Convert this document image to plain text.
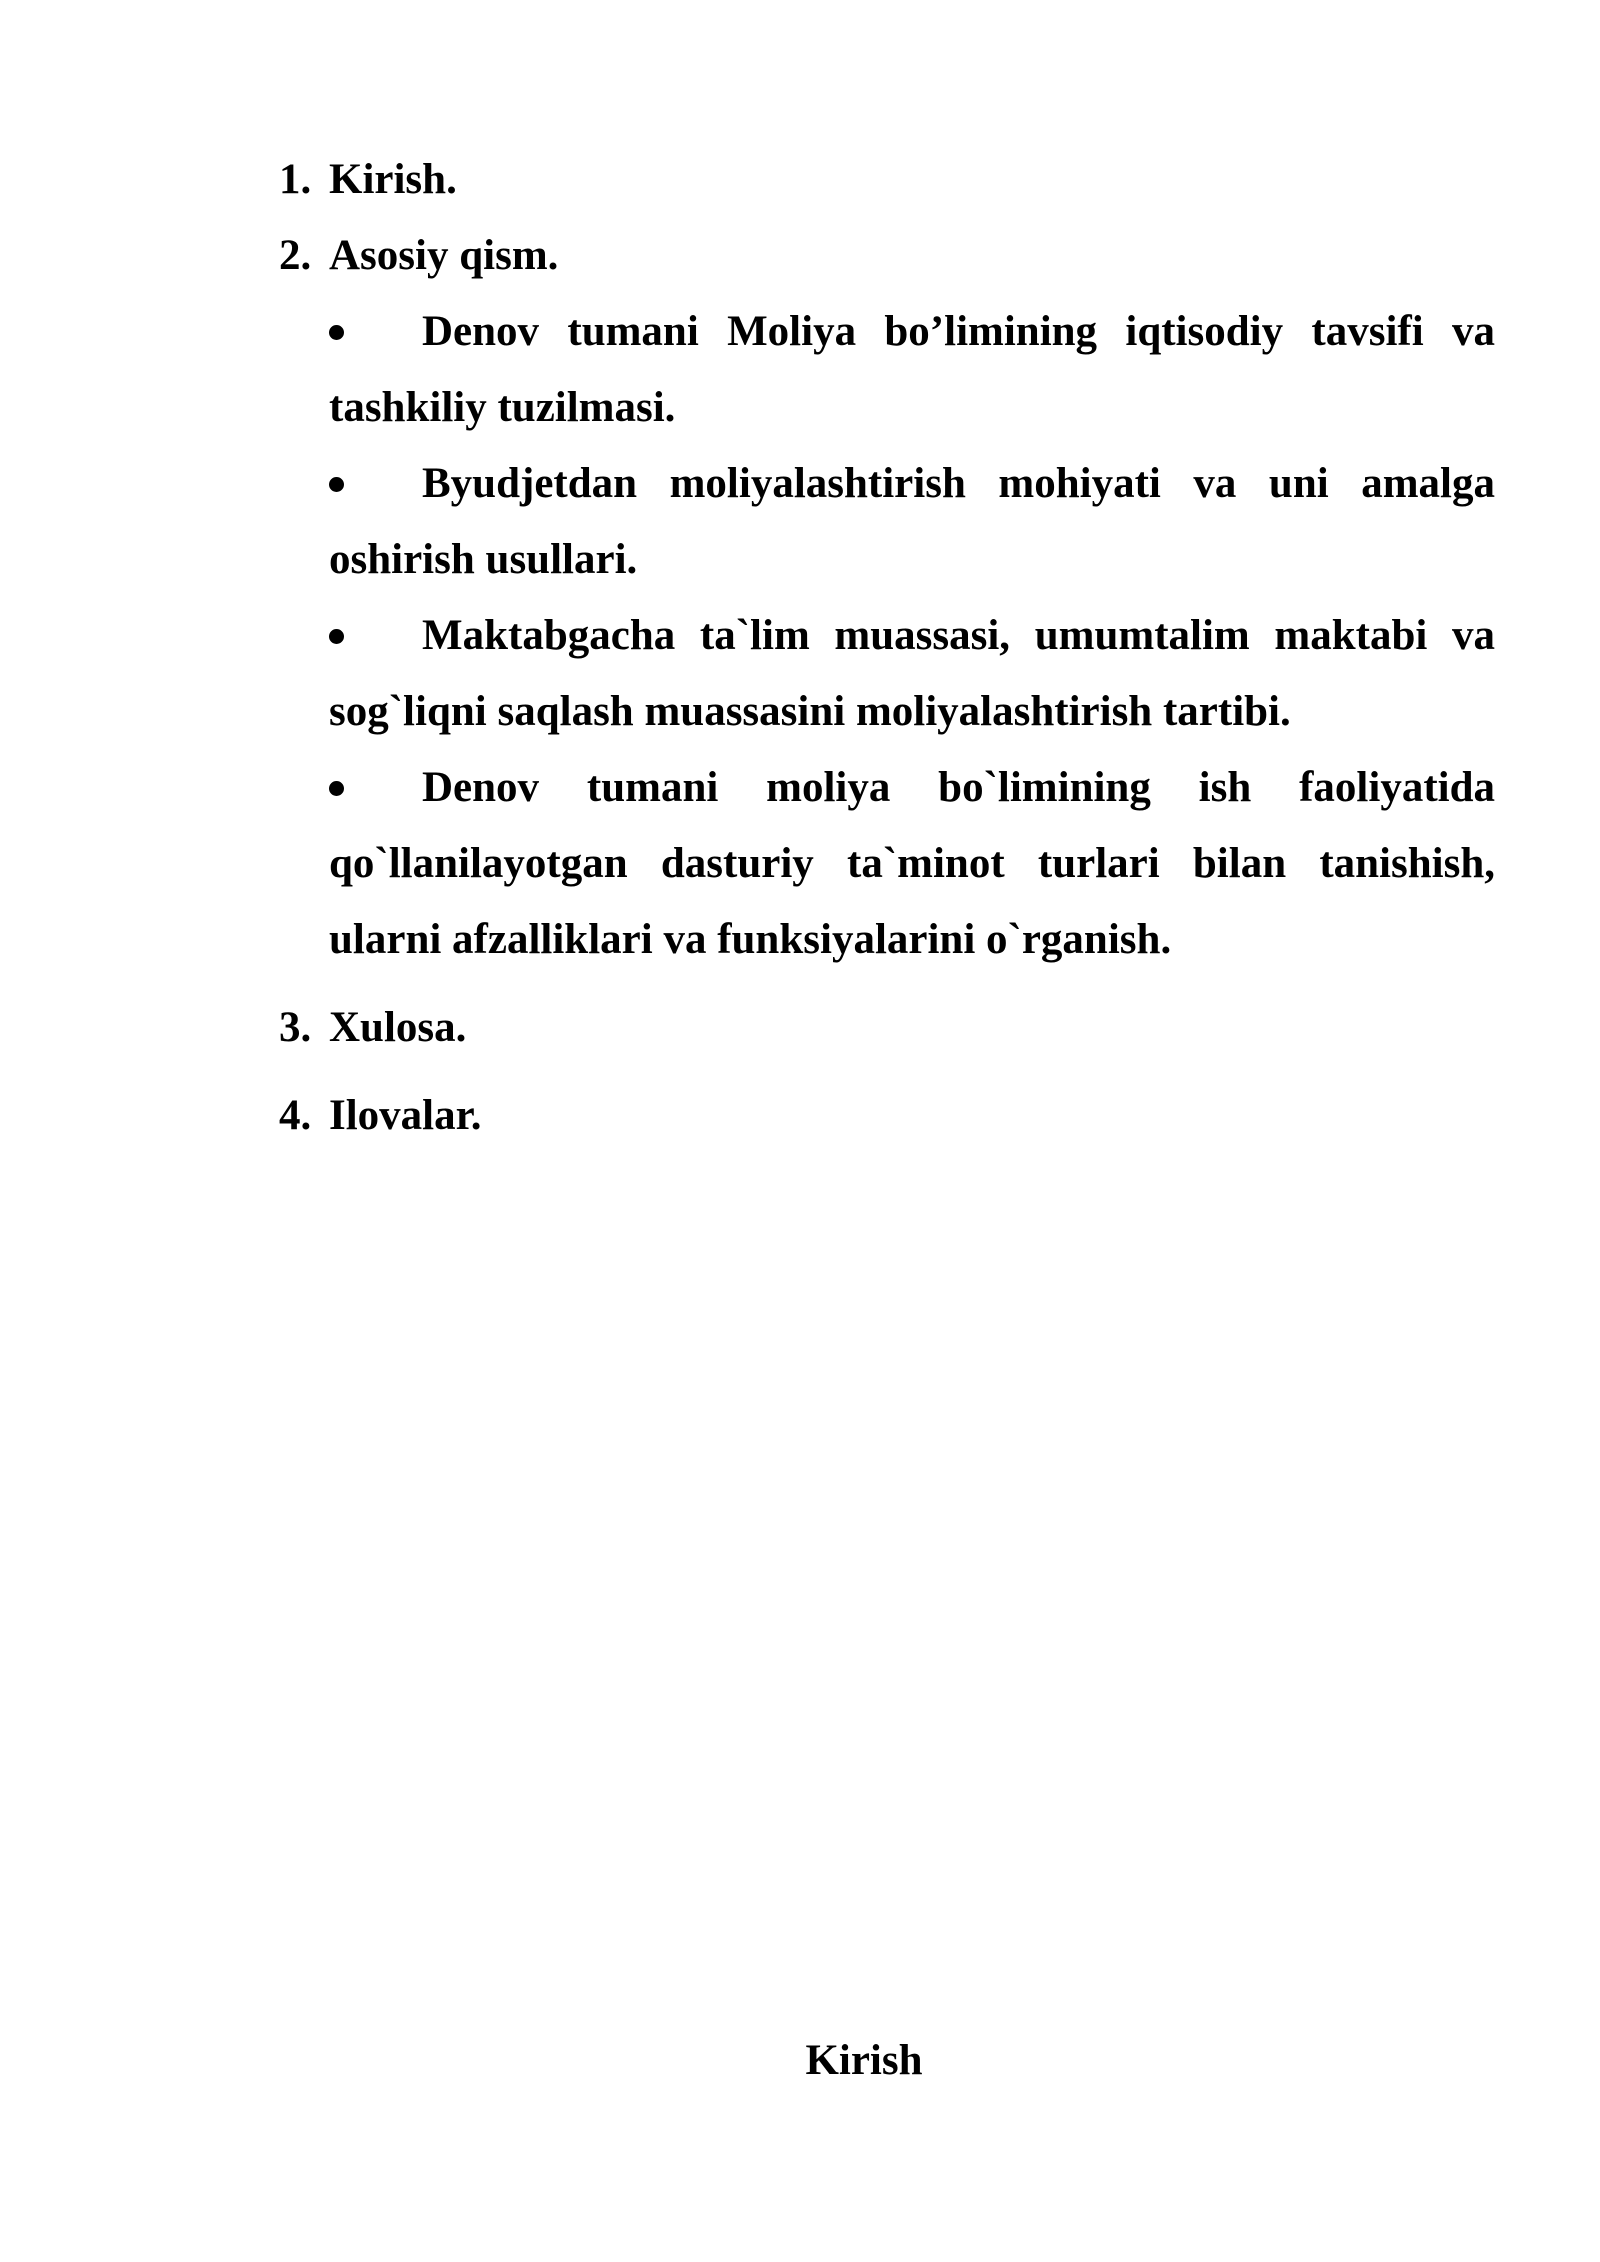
1. Kirish.
2. Asosiy qism.

Denov tumani Moliya bo’limining iqtisodiy tavsifi va tashkiliy tuzilmasi.

Byudjetdan moliyalashtirish mohiyati va uni amalga oshirish usullari.

Maktabgacha ta`lim muassasi, umumtalim maktabi va sog`liqni saqlash muassasini moliyalashtirish tartibi.

Denov tumani moliya bo`limining ish faoliyatida qo`llanilayotgan dasturiy ta`minot turlari bilan tanishish, ularni afzalliklari va funksiyalarini o`rganish.

3. Xulosa.
4. Ilovalar.
Kirish
